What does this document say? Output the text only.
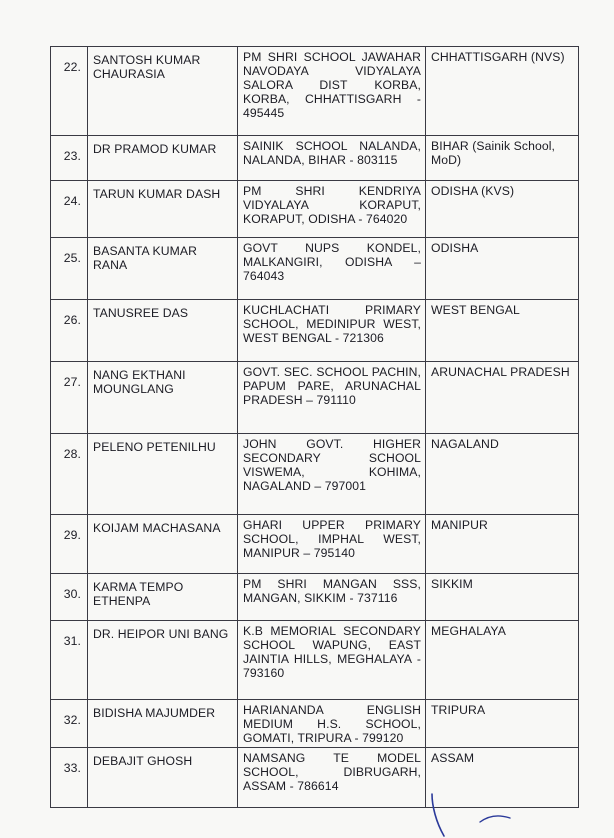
22.	SANTOSH KUMAR CHAURASIA	PM SHRI SCHOOL JAWAHAR NAVODAYA VIDYALAYA SALORA DIST KORBA, KORBA, CHHATTISGARH - 495445	CHHATTISGARH (NVS)
23.	DR PRAMOD KUMAR	SAINIK SCHOOL NALANDA, NALANDA, BIHAR - 803115	BIHAR (Sainik School, MoD)
24.	TARUN KUMAR DASH	PM SHRI KENDRIYA VIDYALAYA KORAPUT, KORAPUT, ODISHA - 764020	ODISHA (KVS)
25.	BASANTA KUMAR RANA	GOVT NUPS KONDEL, MALKANGIRI, ODISHA – 764043	ODISHA
26.	TANUSREE DAS	KUCHLACHATI PRIMARY SCHOOL, MEDINIPUR WEST, WEST BENGAL - 721306	WEST BENGAL
27.	NANG EKTHANI MOUNGLANG	GOVT. SEC. SCHOOL PACHIN, PAPUM PARE, ARUNACHAL PRADESH – 791110	ARUNACHAL PRADESH
28.	PELENO PETENILHU	JOHN GOVT. HIGHER SECONDARY SCHOOL VISWEMA, KOHIMA, NAGALAND – 797001	NAGALAND
29.	KOIJAM MACHASANA	GHARI UPPER PRIMARY SCHOOL, IMPHAL WEST, MANIPUR – 795140	MANIPUR
30.	KARMA TEMPO ETHENPA	PM SHRI MANGAN SSS, MANGAN, SIKKIM - 737116	SIKKIM
31.	DR. HEIPOR UNI BANG	K.B MEMORIAL SECONDARY SCHOOL WAPUNG, EAST JAINTIA HILLS, MEGHALAYA - 793160	MEGHALAYA
32.	BIDISHA MAJUMDER	HARIANANDA ENGLISH MEDIUM H.S. SCHOOL, GOMATI, TRIPURA - 799120	TRIPURA
33.	DEBAJIT GHOSH	NAMSANG TE MODEL SCHOOL, DIBRUGARH, ASSAM - 786614	ASSAM
